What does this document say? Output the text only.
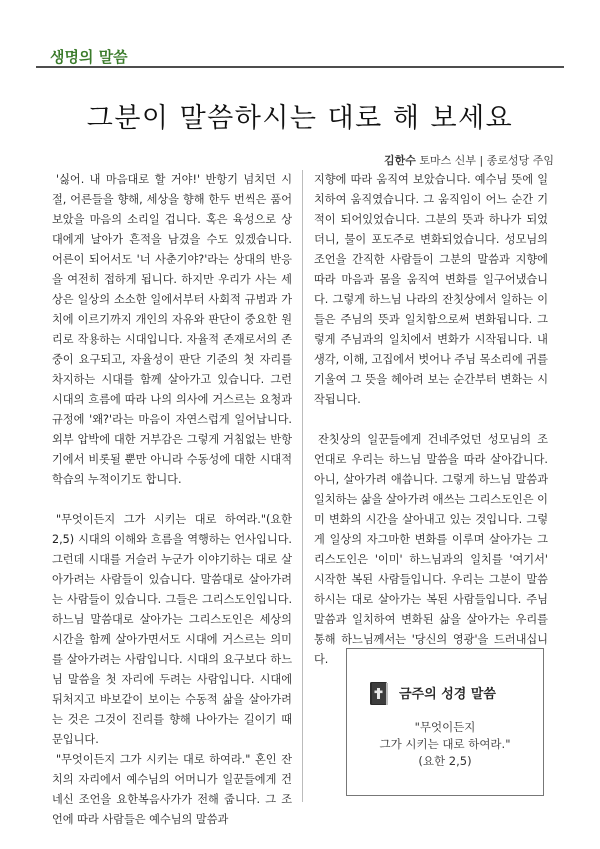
생명의 말씀
그분이 말씀하시는 대로 해 보세요
김한수 토마스 신부 | 종로성당 주임

'싫어. 내 마음대로 할 거야!' 반항기 넘치던 시절, 어른들을 향해, 세상을 향해 한두 번씩은 품어 보았을 마음의 소리일 겁니다. 혹은 육성으로 상대에게 날아가 흔적을 남겼을 수도 있겠습니다. 어른이 되어서도 '너 사춘기야?'라는 상대의 반응을 여전히 접하게 됩니다. 하지만 우리가 사는 세상은 일상의 소소한 일에서부터 사회적 규범과 가치에 이르기까지 개인의 자유와 판단이 중요한 원리로 작용하는 시대입니다. 자율적 존재로서의 존중이 요구되고, 자율성이 판단 기준의 첫 자리를 차지하는 시대를 함께 살아가고 있습니다. 그런 시대의 흐름에 따라 나의 의사에 거스르는 요청과 규정에 '왜?'라는 마음이 자연스럽게 일어납니다. 외부 압박에 대한 거부감은 그렇게 거침없는 반항기에서 비롯될 뿐만 아니라 수동성에 대한 시대적 학습의 누적이기도 합니다.

"무엇이든지 그가 시키는 대로 하여라."(요한 2,5) 시대의 이해와 흐름을 역행하는 언사입니다. 그런데 시대를 거슬러 누군가 이야기하는 대로 살아가려는 사람들이 있습니다. 말씀대로 살아가려는 사람들이 있습니다. 그들은 그리스도인입니다. 하느님 말씀대로 살아가는 그리스도인은 세상의 시간을 함께 살아가면서도 시대에 거스르는 의미를 살아가려는 사람입니다. 시대의 요구보다 하느님 말씀을 첫 자리에 두려는 사람입니다. 시대에 뒤처지고 바보같이 보이는 수동적 삶을 살아가려는 것은 그것이 진리를 향해 나아가는 길이기 때문입니다.

"무엇이든지 그가 시키는 대로 하여라." 혼인 잔치의 자리에서 예수님의 어머니가 일꾼들에게 건네신 조언을 요한복음사가가 전해 줍니다. 그 조언에 따라 사람들은 예수님의 말씀과

지향에 따라 움직여 보았습니다. 예수님 뜻에 일치하여 움직였습니다. 그 움직임이 어느 순간 기적이 되어있었습니다. 그분의 뜻과 하나가 되었더니, 물이 포도주로 변화되었습니다. 성모님의 조언을 간직한 사람들이 그분의 말씀과 지향에 따라 마음과 몸을 움직여 변화를 일구어냈습니다. 그렇게 하느님 나라의 잔칫상에서 일하는 이들은 주님의 뜻과 일치함으로써 변화됩니다. 그렇게 주님과의 일치에서 변화가 시작됩니다. 내 생각, 이해, 고집에서 벗어나 주님 목소리에 귀를 기울여 그 뜻을 헤아려 보는 순간부터 변화는 시작됩니다.

잔칫상의 일꾼들에게 건네주었던 성모님의 조언대로 우리는 하느님 말씀을 따라 살아갑니다. 아니, 살아가려 애씁니다. 그렇게 하느님 말씀과 일치하는 삶을 살아가려 애쓰는 그리스도인은 이미 변화의 시간을 살아내고 있는 것입니다. 그렇게 일상의 자그마한 변화를 이루며 살아가는 그리스도인은 '이미' 하느님과의 일치를 '여기서' 시작한 복된 사람들입니다. 우리는 그분이 말씀하시는 대로 살아가는 복된 사람들입니다. 주님 말씀과 일치하여 변화된 삶을 살아가는 우리를 통해 하느님께서는 '당신의 영광'을 드러내십니다.

금주의 성경 말씀
"무엇이든지
그가 시키는 대로 하여라."
(요한 2,5)
